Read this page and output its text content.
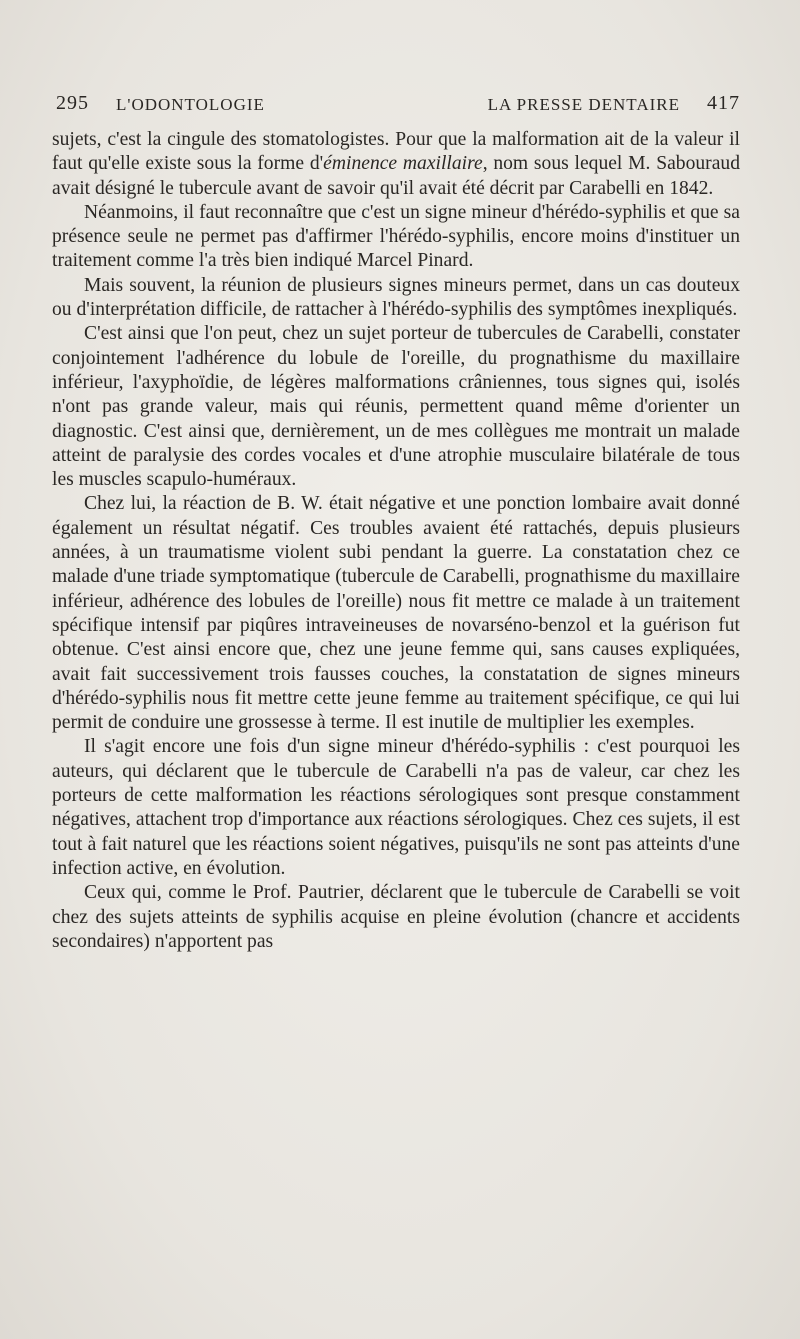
295 L'ODONTOLOGIE	LA PRESSE DENTAIRE 417

sujets, c'est la cingule des stomatologistes. Pour que la malformation ait de la valeur il faut qu'elle existe sous la forme d'éminence maxillaire, nom sous lequel M. Sabouraud avait désigné le tubercule avant de savoir qu'il avait été décrit par Carabelli en 1842.

Néanmoins, il faut reconnaître que c'est un signe mineur d'hérédo-syphilis et que sa présence seule ne permet pas d'affirmer l'hérédo-syphilis, encore moins d'instituer un traitement comme l'a très bien indiqué Marcel Pinard.

Mais souvent, la réunion de plusieurs signes mineurs permet, dans un cas douteux ou d'interprétation difficile, de rattacher à l'hérédo-syphilis des symptômes inexpliqués.

C'est ainsi que l'on peut, chez un sujet porteur de tubercules de Carabelli, constater conjointement l'adhérence du lobule de l'oreille, du prognathisme du maxillaire inférieur, l'axyphoïdie, de légères malformations crâniennes, tous signes qui, isolés n'ont pas grande valeur, mais qui réunis, permettent quand même d'orienter un diagnostic. C'est ainsi que, dernièrement, un de mes collègues me montrait un malade atteint de paralysie des cordes vocales et d'une atrophie musculaire bilatérale de tous les muscles scapulo-huméraux.

Chez lui, la réaction de B. W. était négative et une ponction lombaire avait donné également un résultat négatif. Ces troubles avaient été rattachés, depuis plusieurs années, à un traumatisme violent subi pendant la guerre. La constatation chez ce malade d'une triade symptomatique (tubercule de Carabelli, prognathisme du maxillaire inférieur, adhérence des lobules de l'oreille) nous fit mettre ce malade à un traitement spécifique intensif par piqûres intraveineuses de novarséno-benzol et la guérison fut obtenue. C'est ainsi encore que, chez une jeune femme qui, sans causes expliquées, avait fait successivement trois fausses couches, la constatation de signes mineurs d'hérédo-syphilis nous fit mettre cette jeune femme au traitement spécifique, ce qui lui permit de conduire une grossesse à terme. Il est inutile de multiplier les exemples.

Il s'agit encore une fois d'un signe mineur d'hérédo-syphilis : c'est pourquoi les auteurs, qui déclarent que le tubercule de Carabelli n'a pas de valeur, car chez les porteurs de cette malformation les réactions sérologiques sont presque constamment négatives, attachent trop d'importance aux réactions sérologiques. Chez ces sujets, il est tout à fait naturel que les réactions soient négatives, puisqu'ils ne sont pas atteints d'une infection active, en évolution.

Ceux qui, comme le Prof. Pautrier, déclarent que le tubercule de Carabelli se voit chez des sujets atteints de syphilis acquise en pleine évolution (chancre et accidents secondaires) n'apportent pas
